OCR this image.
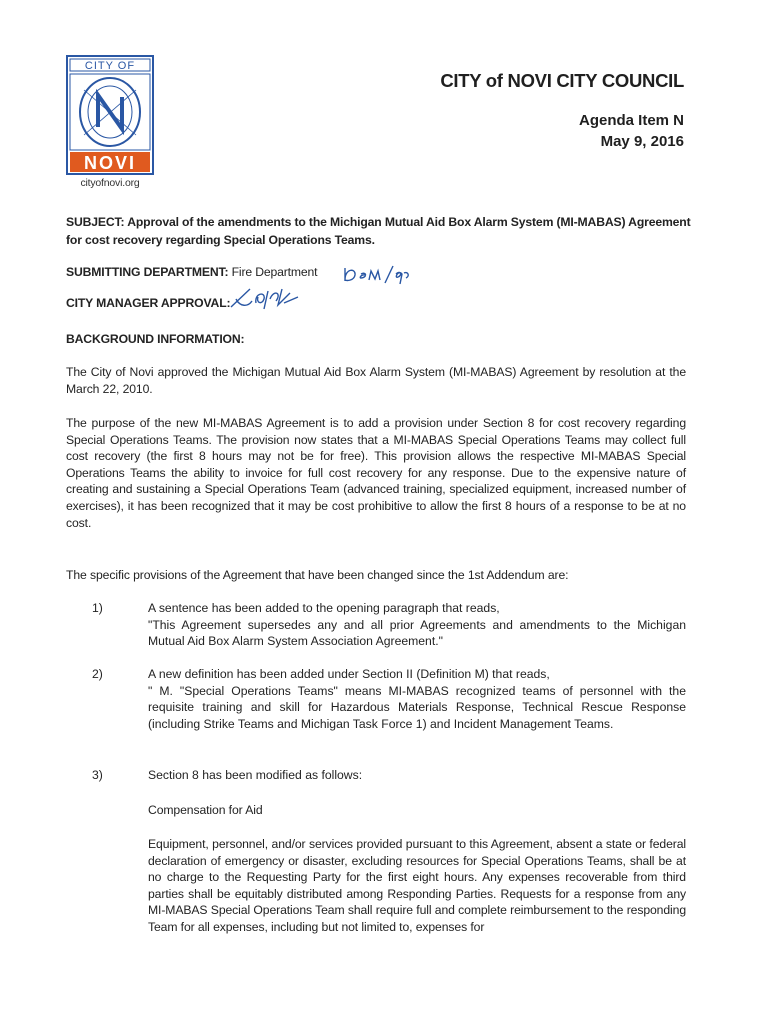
CITY OF
NOVI
cityofnovi.org
CITY of NOVI CITY COUNCIL
Agenda Item N
May 9, 2016
SUBJECT: Approval of the amendments to the Michigan Mutual Aid Box Alarm System (MI-MABAS) Agreement for cost recovery regarding Special Operations Teams.
SUBMITTING DEPARTMENT: Fire Department
CITY MANAGER APPROVAL:
BACKGROUND INFORMATION:

The City of Novi approved the Michigan Mutual Aid Box Alarm System (MI-MABAS) Agreement by resolution at the March 22, 2010.

The purpose of the new MI-MABAS Agreement is to add a provision under Section 8 for cost recovery regarding Special Operations Teams. The provision now states that a MI-MABAS Special Operations Teams may collect full cost recovery (the first 8 hours may not be for free). This provision allows the respective MI-MABAS Special Operations Teams the ability to invoice for full cost recovery for any response. Due to the expensive nature of creating and sustaining a Special Operations Team (advanced training, specialized equipment, increased number of exercises), it has been recognized that it may be cost prohibitive to allow the first 8 hours of a response to be at no cost.

The specific provisions of the Agreement that have been changed since the 1st Addendum are:

1)	A sentence has been added to the opening paragraph that reads,
"This Agreement supersedes any and all prior Agreements and amendments to the Michigan Mutual Aid Box Alarm System Association Agreement."
2)	A new definition has been added under Section II (Definition M) that reads,
" M. "Special Operations Teams" means MI-MABAS recognized teams of personnel with the requisite training and skill for Hazardous Materials Response, Technical Rescue Response (including Strike Teams and Michigan Task Force 1) and Incident Management Teams.
3)	Section 8 has been modified as follows:

Compensation for Aid

Equipment, personnel, and/or services provided pursuant to this Agreement, absent a state or federal declaration of emergency or disaster, excluding resources for Special Operations Teams, shall be at no charge to the Requesting Party for the first eight hours. Any expenses recoverable from third parties shall be equitably distributed among Responding Parties. Requests for a response from any MI-MABAS Special Operations Team shall require full and complete reimbursement to the responding Team for all expenses, including but not limited to, expenses for
